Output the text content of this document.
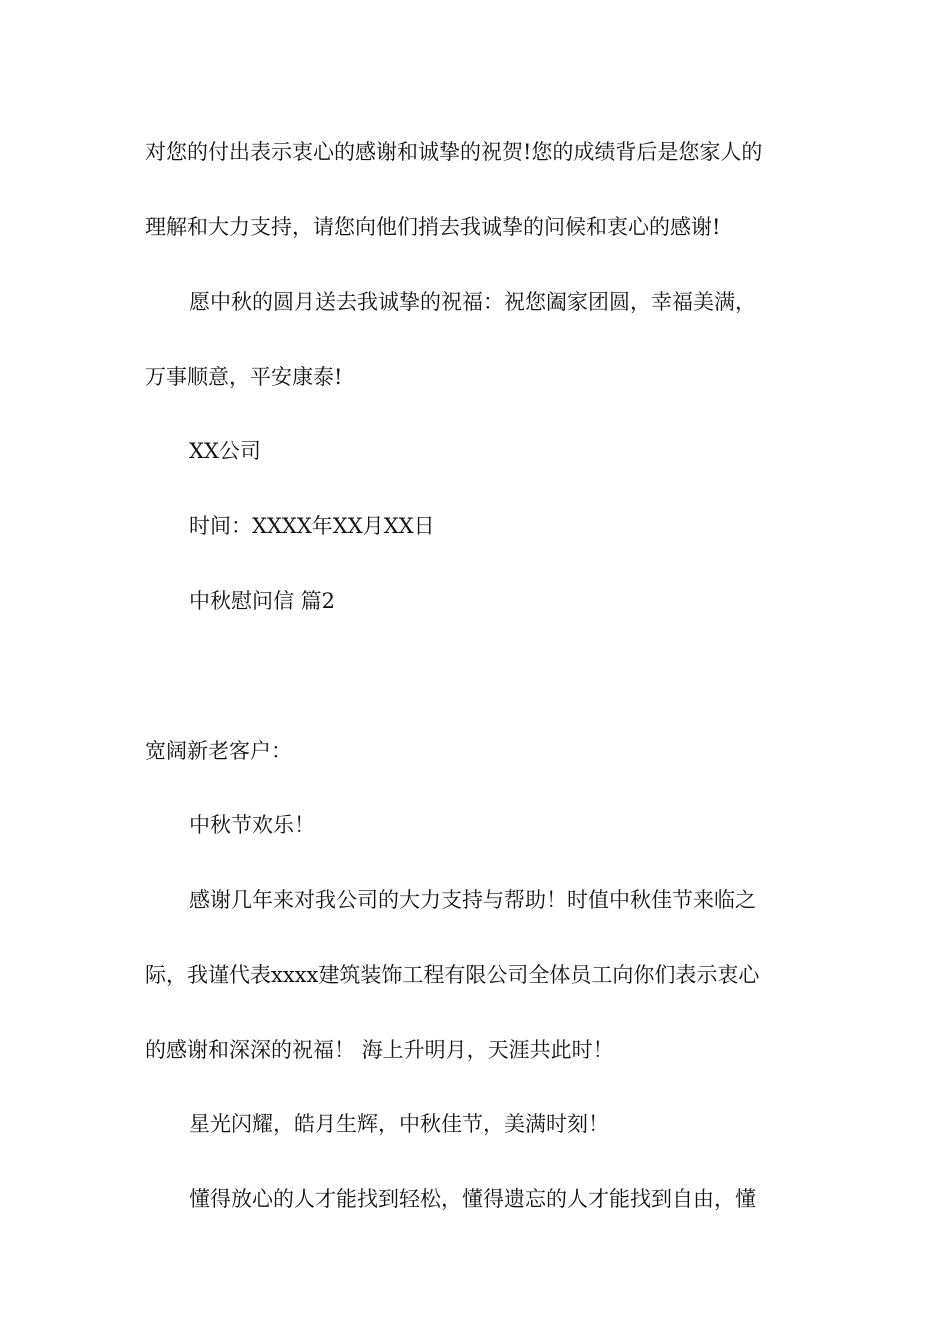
对您的付出表示衷心的感谢和诚挚的祝贺!您的成绩背后是您家人的
理解和大力支持，请您向他们捎去我诚挚的问候和衷心的感谢!
愿中秋的圆月送去我诚挚的祝福：祝您阖家团圆，幸福美满，
万事顺意，平安康泰!
XX公司
时间：XXXX年XX月XX日
中秋慰问信 篇2
宽阔新老客户：
中秋节欢乐！
感谢几年来对我公司的大力支持与帮助！时值中秋佳节来临之
际，我谨代表xxxx建筑装饰工程有限公司全体员工向你们表示衷心
的感谢和深深的祝福！ 海上升明月，天涯共此时！
星光闪耀，皓月生辉，中秋佳节，美满时刻！
懂得放心的人才能找到轻松，懂得遗忘的人才能找到自由，懂
